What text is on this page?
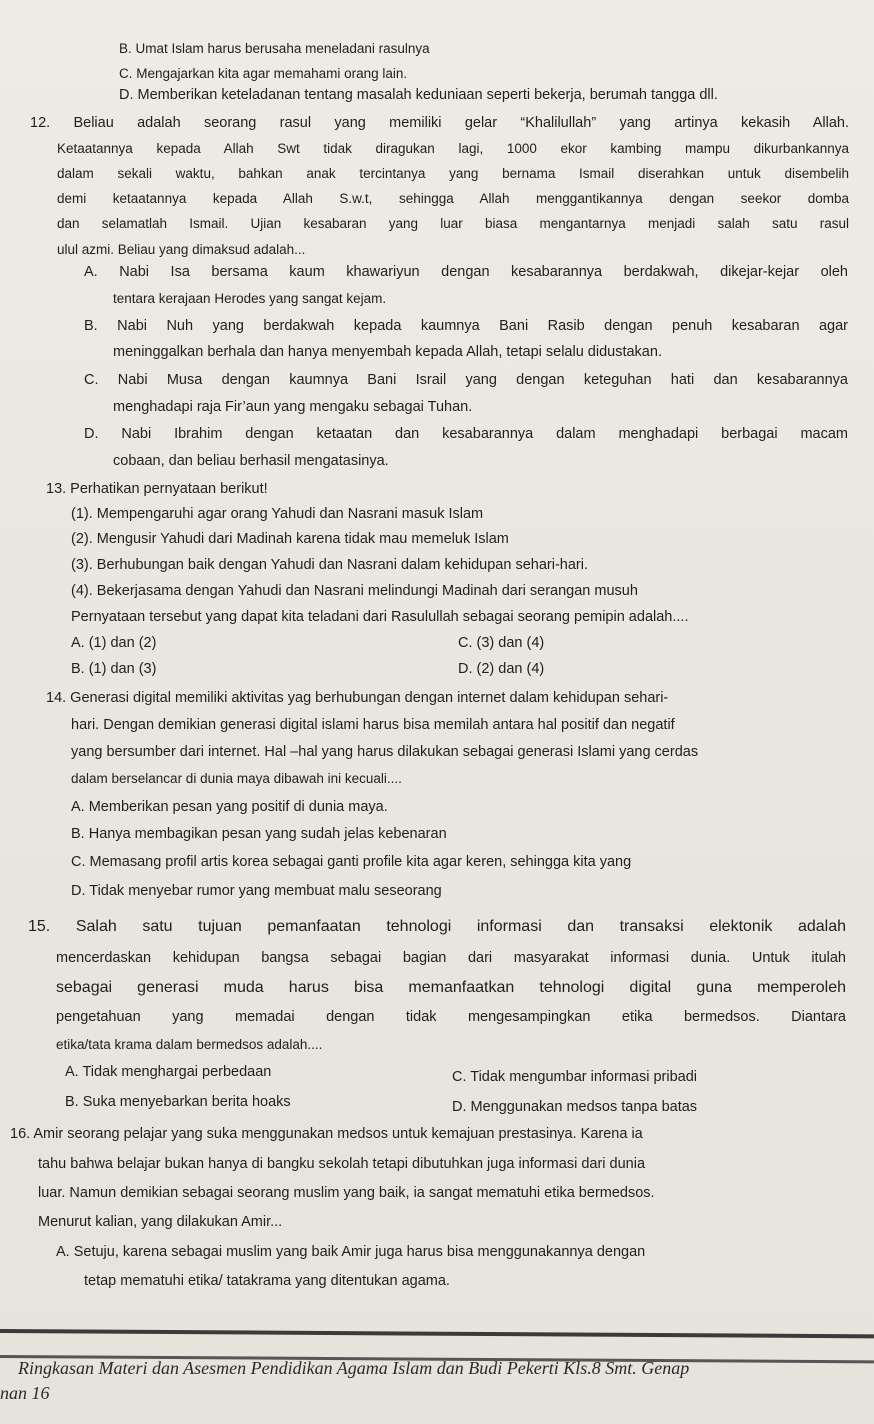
B. Umat Islam harus berusaha meneladani rasulnya
C. Mengajarkan kita agar memahami orang lain.
D. Memberikan keteladanan tentang masalah keduniaan seperti bekerja, berumah tangga dll.
12. Beliau adalah seorang rasul yang memiliki gelar “Khalilullah” yang artinya kekasih Allah.
Ketaatannya kepada Allah Swt tidak diragukan lagi, 1000 ekor kambing mampu dikurbankannya
dalam sekali waktu, bahkan anak tercintanya yang bernama Ismail diserahkan untuk disembelih
demi ketaatannya kepada Allah S.w.t, sehingga Allah menggantikannya dengan seekor domba
dan selamatlah Ismail. Ujian kesabaran yang luar biasa mengantarnya menjadi salah satu rasul
ulul azmi. Beliau yang dimaksud adalah...
A. Nabi Isa bersama kaum khawariyun dengan kesabarannya berdakwah, dikejar-kejar oleh
tentara kerajaan Herodes yang sangat kejam.
B. Nabi Nuh yang berdakwah kepada kaumnya Bani Rasib dengan penuh kesabaran agar
meninggalkan berhala dan hanya menyembah kepada Allah, tetapi selalu didustakan.
C. Nabi Musa dengan kaumnya Bani Israil yang dengan keteguhan hati dan kesabarannya
menghadapi raja Fir’aun yang mengaku sebagai Tuhan.
D. Nabi Ibrahim dengan ketaatan dan kesabarannya dalam menghadapi berbagai macam
cobaan, dan beliau berhasil mengatasinya.
13. Perhatikan pernyataan berikut!
(1). Mempengaruhi agar orang Yahudi dan Nasrani masuk Islam
(2). Mengusir Yahudi dari Madinah karena tidak mau memeluk Islam
(3). Berhubungan baik dengan Yahudi dan Nasrani dalam kehidupan sehari-hari.
(4). Bekerjasama dengan Yahudi dan Nasrani melindungi Madinah dari serangan musuh
Pernyataan tersebut yang dapat kita teladani dari Rasulullah sebagai seorang pemipin adalah....
A. (1) dan (2)	C. (3) dan (4)
B. (1) dan (3)	D. (2) dan (4)
14. Generasi digital memiliki aktivitas yag berhubungan dengan internet dalam kehidupan sehari-
hari. Dengan demikian generasi digital islami harus bisa memilah antara hal positif dan negatif
yang bersumber dari internet. Hal –hal yang harus dilakukan sebagai generasi Islami yang cerdas
dalam berselancar di dunia maya dibawah ini kecuali....
A. Memberikan pesan yang positif di dunia maya.
B. Hanya membagikan pesan yang sudah jelas kebenaran
C. Memasang profil artis korea sebagai ganti profile kita agar keren, sehingga kita yang
D. Tidak menyebar rumor yang membuat malu seseorang
15. Salah satu tujuan pemanfaatan tehnologi informasi dan transaksi elektonik adalah
mencerdaskan kehidupan bangsa sebagai bagian dari masyarakat informasi dunia. Untuk itulah
sebagai generasi muda harus bisa memanfaatkan tehnologi digital guna memperoleh
pengetahuan yang memadai dengan tidak mengesampingkan etika bermedsos. Diantara
etika/tata krama dalam bermedsos adalah....
A. Tidak menghargai perbedaan	C. Tidak mengumbar informasi pribadi
B. Suka menyebarkan berita hoaks	D. Menggunakan medsos tanpa batas
16. Amir seorang pelajar yang suka menggunakan medsos untuk kemajuan prestasinya. Karena ia
tahu bahwa belajar bukan hanya di bangku sekolah tetapi dibutuhkan juga informasi dari dunia
luar. Namun demikian sebagai seorang muslim yang baik, ia sangat mematuhi etika bermedsos.
Menurut kalian, yang dilakukan Amir...
A. Setuju, karena sebagai muslim yang baik Amir juga harus bisa menggunakannya dengan
tetap mematuhi etika/ tatakrama yang ditentukan agama.
Ringkasan Materi dan Asesmen Pendidikan Agama Islam dan Budi Pekerti Kls.8 Smt. Genap
nan 16
